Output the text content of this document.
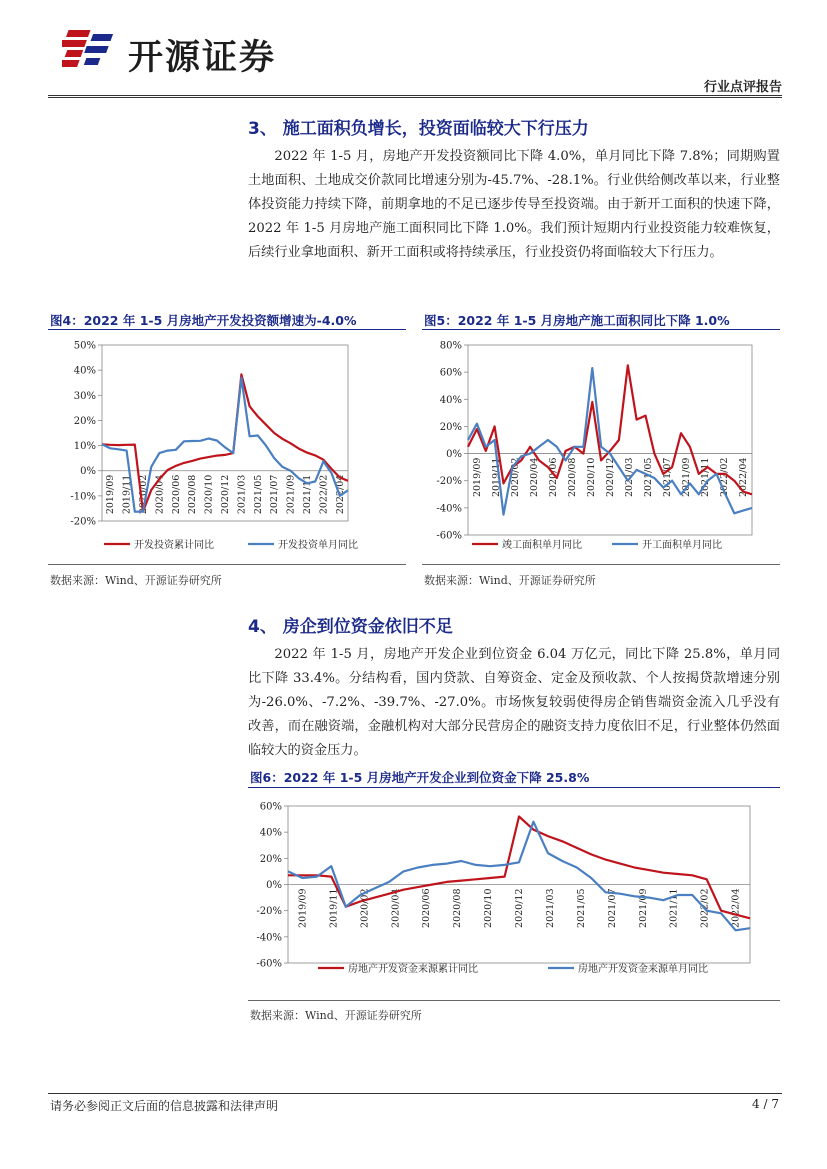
开源证券
行业点评报告
3、 施工面积负增长，投资面临较大下行压力

2022 年 1-5 月，房地产开发投资额同比下降 4.0%，单月同比下降 7.8%；同期购置土地面积、土地成交价款同比增速分别为-45.7%、-28.1%。行业供给侧改革以来，行业整体投资能力持续下降，前期拿地的不足已逐步传导至投资端。由于新开工面积的快速下降，2022 年 1-5 月房地产施工面积同比下降 1.0%。我们预计短期内行业投资能力较难恢复，后续行业拿地面积、新开工面积或将持续承压，行业投资仍将面临较大下行压力。

图4：2022 年 1-5 月房地产开发投资额增速为-4.0%
-20%
-10%
0%
10%
20%
30%
40%
50%
2019/09 2019/11 2020/02 2020/04 2020/06 2020/08 2020/10 2020/12 2021/03 2021/05 2021/07 2021/09 2021/11 2022/02 2022/04
开发投资累计同比	开发投资单月同比
数据来源：Wind、开源证券研究所
图5：2022 年 1-5 月房地产施工面积同比下降 1.0%
-60%
-40%
-20%
0%
20%
40%
60%
80%
2019/09 2019/11 2020/02 2020/04 2020/06 2020/08 2020/10 2020/12 2021/03 2021/05 2021/07 2021/09 2021/11 2022/02 2022/04
竣工面积单月同比	开工面积单月同比
数据来源：Wind、开源证券研究所
4、 房企到位资金依旧不足

2022 年 1-5 月，房地产开发企业到位资金 6.04 万亿元，同比下降 25.8%，单月同比下降 33.4%。分结构看，国内贷款、自筹资金、定金及预收款、个人按揭贷款增速分别为-26.0%、-7.2%、-39.7%、-27.0%。市场恢复较弱使得房企销售端资金流入几乎没有改善，而在融资端，金融机构对大部分民营房企的融资支持力度依旧不足，行业整体仍然面临较大的资金压力。

图6：2022 年 1-5 月房地产开发企业到位资金下降 25.8%
-60%
-40%
-20%
0%
20%
40%
60%
2019/09 2019/11 2020/02 2020/04 2020/06 2020/08 2020/10 2020/12 2021/03 2021/05 2021/07 2021/09 2021/11 2022/02 2022/04
房地产开发资金来源累计同比	房地产开发资金来源单月同比
数据来源：Wind、开源证券研究所
请务必参阅正文后面的信息披露和法律声明	4 / 7
